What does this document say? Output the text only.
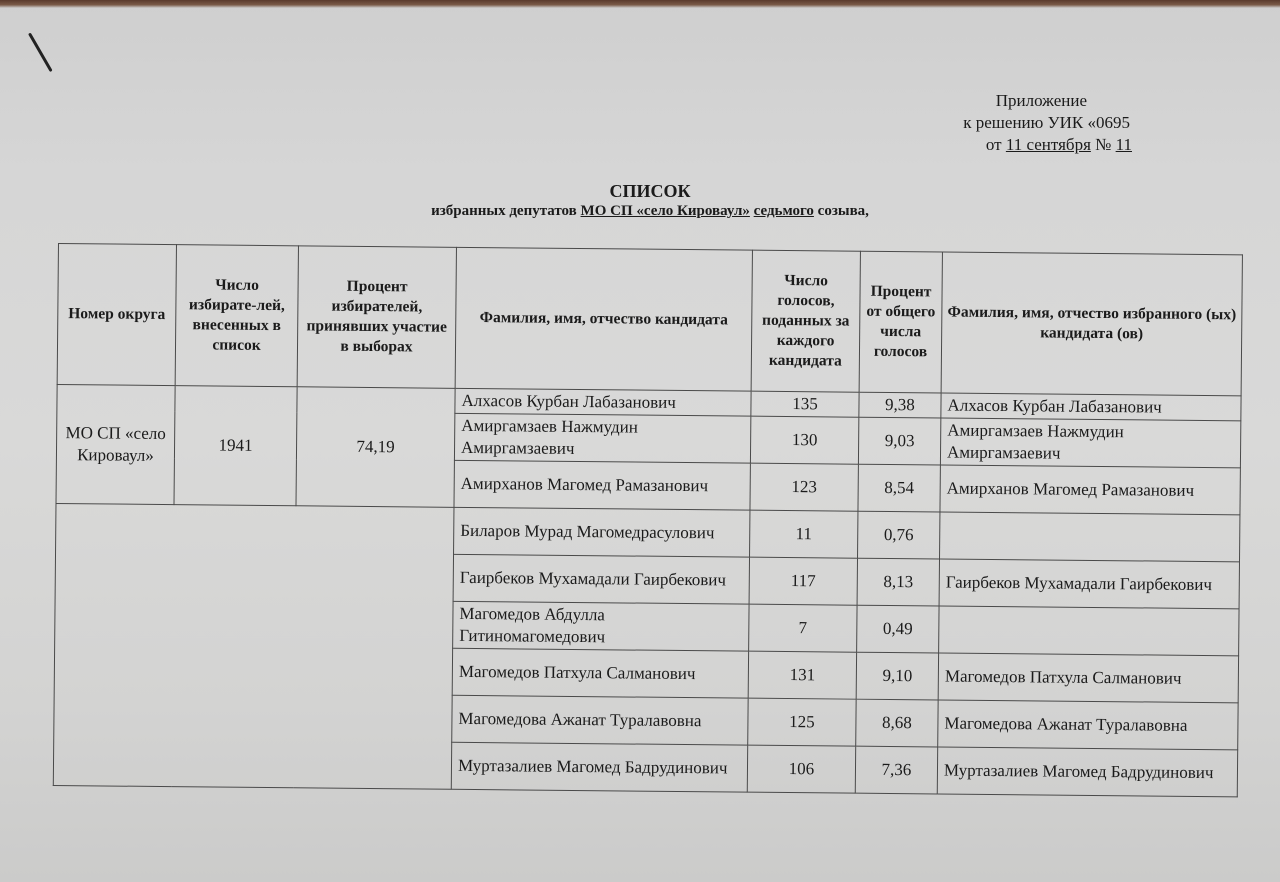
Приложение
к решению УИК «0695
от 11 сентября № 11
СПИСОК
избранных депутатов МО СП «село Кироваул» седьмого созыва,
Номер округа	Число избирате-лей, внесенных в список	Процент избирателей, принявших участие в выборах	Фамилия, имя, отчество кандидата	Число голосов, поданных за каждого кандидата	Процент от общего числа голосов	Фамилия, имя, отчество избранного (ых) кандидата (ов)
МО СП «село Кироваул»	1941	74,19	Алхасов Курбан Лабазанович	135	9,38	Алхасов Курбан Лабазанович
			Амиргамзаев Нажмудин Амиргамзаевич	130	9,03	Амиргамзаев Нажмудин Амиргамзаевич
			Амирханов Магомед Рамазанович	123	8,54	Амирханов Магомед Рамазанович
			Биларов Мурад Магомедрасулович	11	0,76	
			Гаирбеков Мухамадали Гаирбекович	117	8,13	Гаирбеков Мухамадали Гаирбекович
			Магомедов Абдулла Гитиномагомедович	7	0,49	
			Магомедов Патхула Салманович	131	9,10	Магомедов Патхула Салманович
			Магомедова Ажанат Туралавовна	125	8,68	Магомедова Ажанат Туралавовна
			Муртазалиев Магомед Бадрудинович	106	7,36	Муртазалиев Магомед Бадрудинович
